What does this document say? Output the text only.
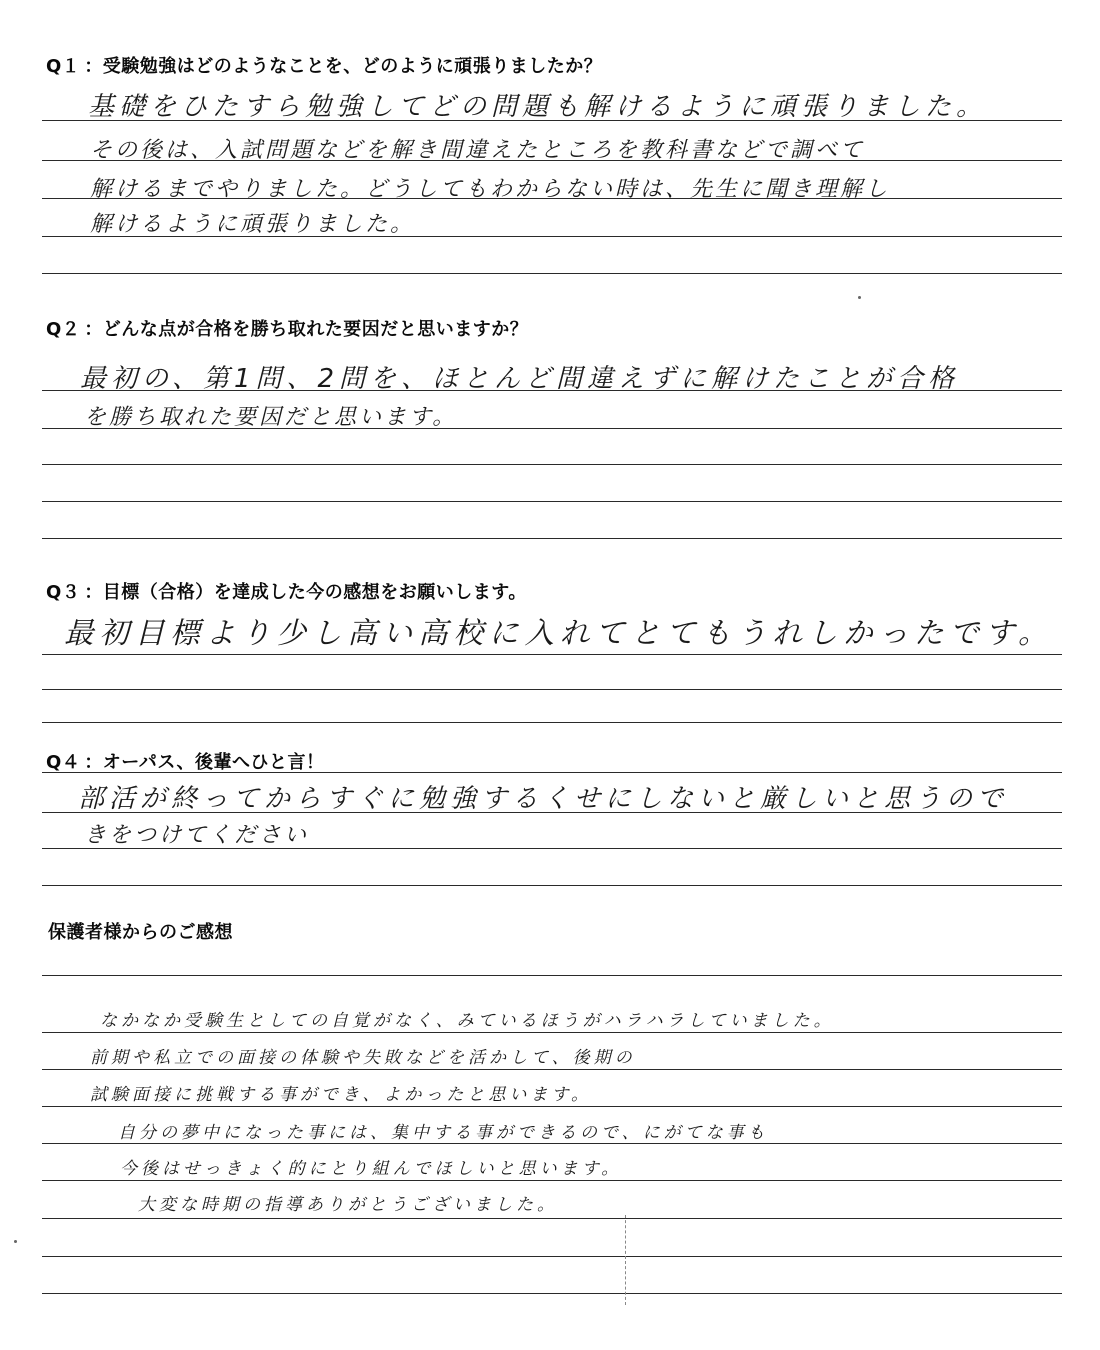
Q１ ：受験勉強はどのようなことを、どのように頑張りましたか？
基礎をひたすら勉強してどの問題も解けるように頑張りました。
その後は、入試問題などを解き間違えたところを教科書などで調べて
解けるまでやりました。どうしてもわからない時は、先生に聞き理解し
解けるように頑張りました。
Q２ ：どんな点が合格を勝ち取れた要因だと思いますか？
最初の、第1問、2問を、ほとんど間違えずに解けたことが合格
を勝ち取れた要因だと思います。
Q３ ：目標（合格）を達成した今の感想をお願いします。
最初目標より少し高い高校に入れてとてもうれしかったです。
Q４ ：オーパス、後輩へひと言！
部活が終ってからすぐに勉強するくせにしないと厳しいと思うので
きをつけてください
保護者様からのご感想
なかなか受験生としての自覚がなく、みているほうがハラハラしていました。
前期や私立での面接の体験や失敗などを活かして、後期の
試験面接に挑戦する事ができ、よかったと思います。
自分の夢中になった事には、集中する事ができるので、にがてな事も
今後はせっきょく的にとり組んでほしいと思います。
大変な時期の指導ありがとうございました。
